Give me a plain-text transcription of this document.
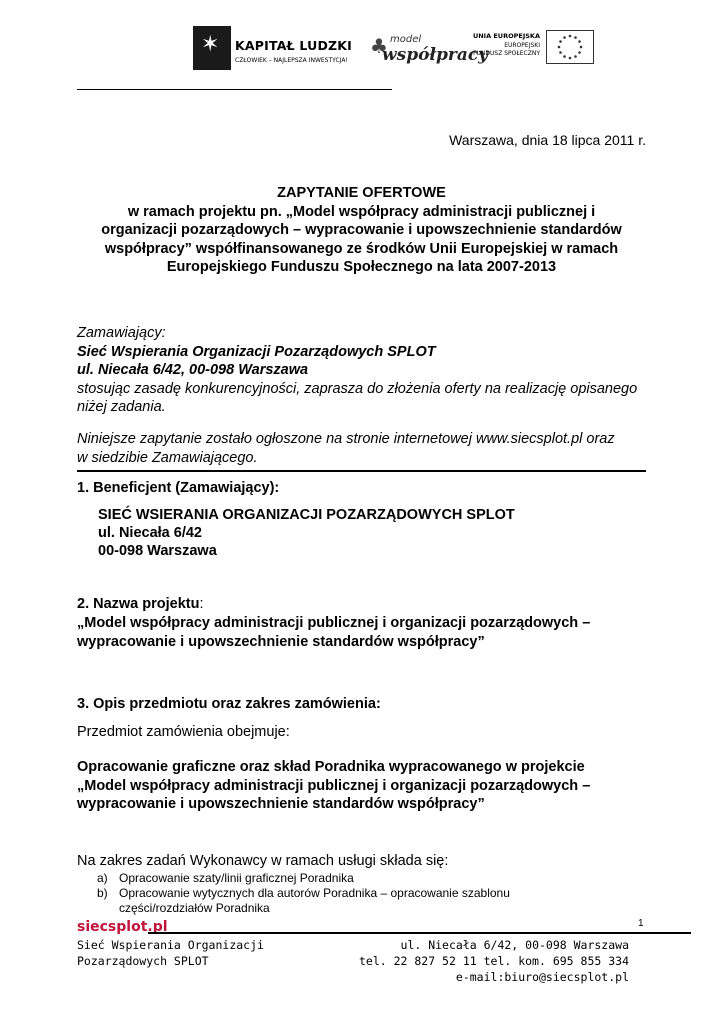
✶ KAPITAŁ LUDZKI
CZŁOWIEK – NAJLEPSZA INWESTYCJA!
♣ model
współpracy
UNIA EUROPEJSKA
EUROPEJSKI
FUNDUSZ SPOŁECZNY
Warszawa, dnia 18 lipca 2011 r.
ZAPYTANIE OFERTOWE
w ramach projektu pn. „Model współpracy administracji publicznej i
organizacji pozarządowych – wypracowanie i upowszechnienie standardów
współpracy” współfinansowanego ze środków Unii Europejskiej w ramach
Europejskiego Funduszu Społecznego na lata 2007-2013
Zamawiający:
Sieć Wspierania Organizacji Pozarządowych SPLOT
ul. Niecała 6/42, 00-098 Warszawa
stosując zasadę konkurencyjności, zaprasza do złożenia oferty na realizację opisanego
niżej zadania.
Niniejsze zapytanie zostało ogłoszone na stronie internetowej www.siecsplot.pl oraz
w siedzibie Zamawiającego.
1. Beneficjent (Zamawiający):
SIEĆ WSIERANIA ORGANIZACJI POZARZĄDOWYCH SPLOT
ul. Niecała 6/42
00-098 Warszawa
2. Nazwa projektu:
„Model współpracy administracji publicznej i organizacji pozarządowych –
wypracowanie i upowszechnienie standardów współpracy”
3. Opis przedmiotu oraz zakres zamówienia:
Przedmiot zamówienia obejmuje:
Opracowanie graficzne oraz skład Poradnika wypracowanego w projekcie
„Model współpracy administracji publicznej i organizacji pozarządowych –
wypracowanie i upowszechnienie standardów współpracy”
Na zakres zadań Wykonawcy w ramach usługi składa się:
a) Opracowanie szaty/linii graficznej Poradnika
b) Opracowanie wytycznych dla autorów Poradnika – opracowanie szablonu
części/rozdziałów Poradnika
siecsplot.pl	1
Sieć Wspierania Organizacji
Pozarządowych SPLOT
ul. Niecała 6/42, 00-098 Warszawa
tel. 22 827 52 11 tel. kom. 695 855 334
e-mail:biuro@siecsplot.pl
